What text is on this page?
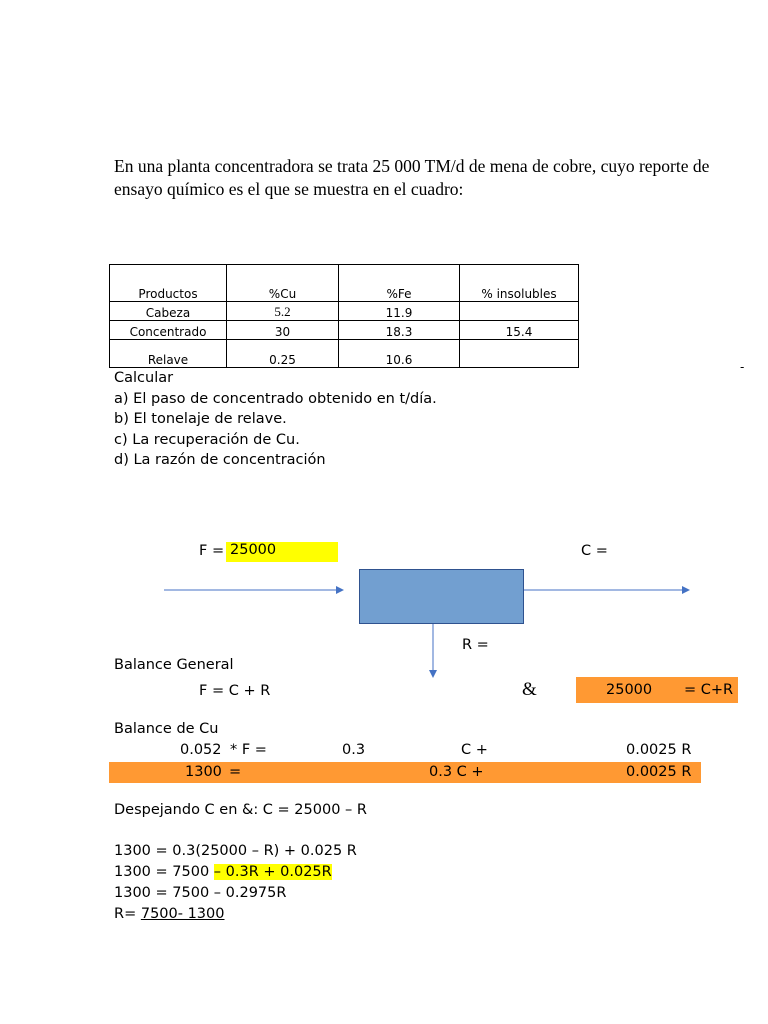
En una planta concentradora se trata 25 000 TM/d de mena de cobre, cuyo reporte de
ensayo químico es el que se muestra en el cuadro:
Productos	%Cu	%Fe	% insolubles
Cabeza	5.2	11.9	
Concentrado	30	18.3	15.4
Relave	0.25	10.6		-
Calcular
a) El paso de concentrado obtenido en t/día.
b) El tonelaje de relave.
c) La recuperación de Cu.
d) La razón de concentración
F = 25000	C =
R =
Balance General
F = C + R	&	25000 = C+R
Balance de Cu
0.052 * F =	0.3	C +	0.0025 R
1300 =	0.3 C +	0.0025 R
Despejando C en &: C = 25000 – R
1300 = 0.3(25000 – R) + 0.025 R
1300 = 7500 – 0.3R + 0.025R
1300 = 7500 – 0.2975R
R= 7500- 1300
